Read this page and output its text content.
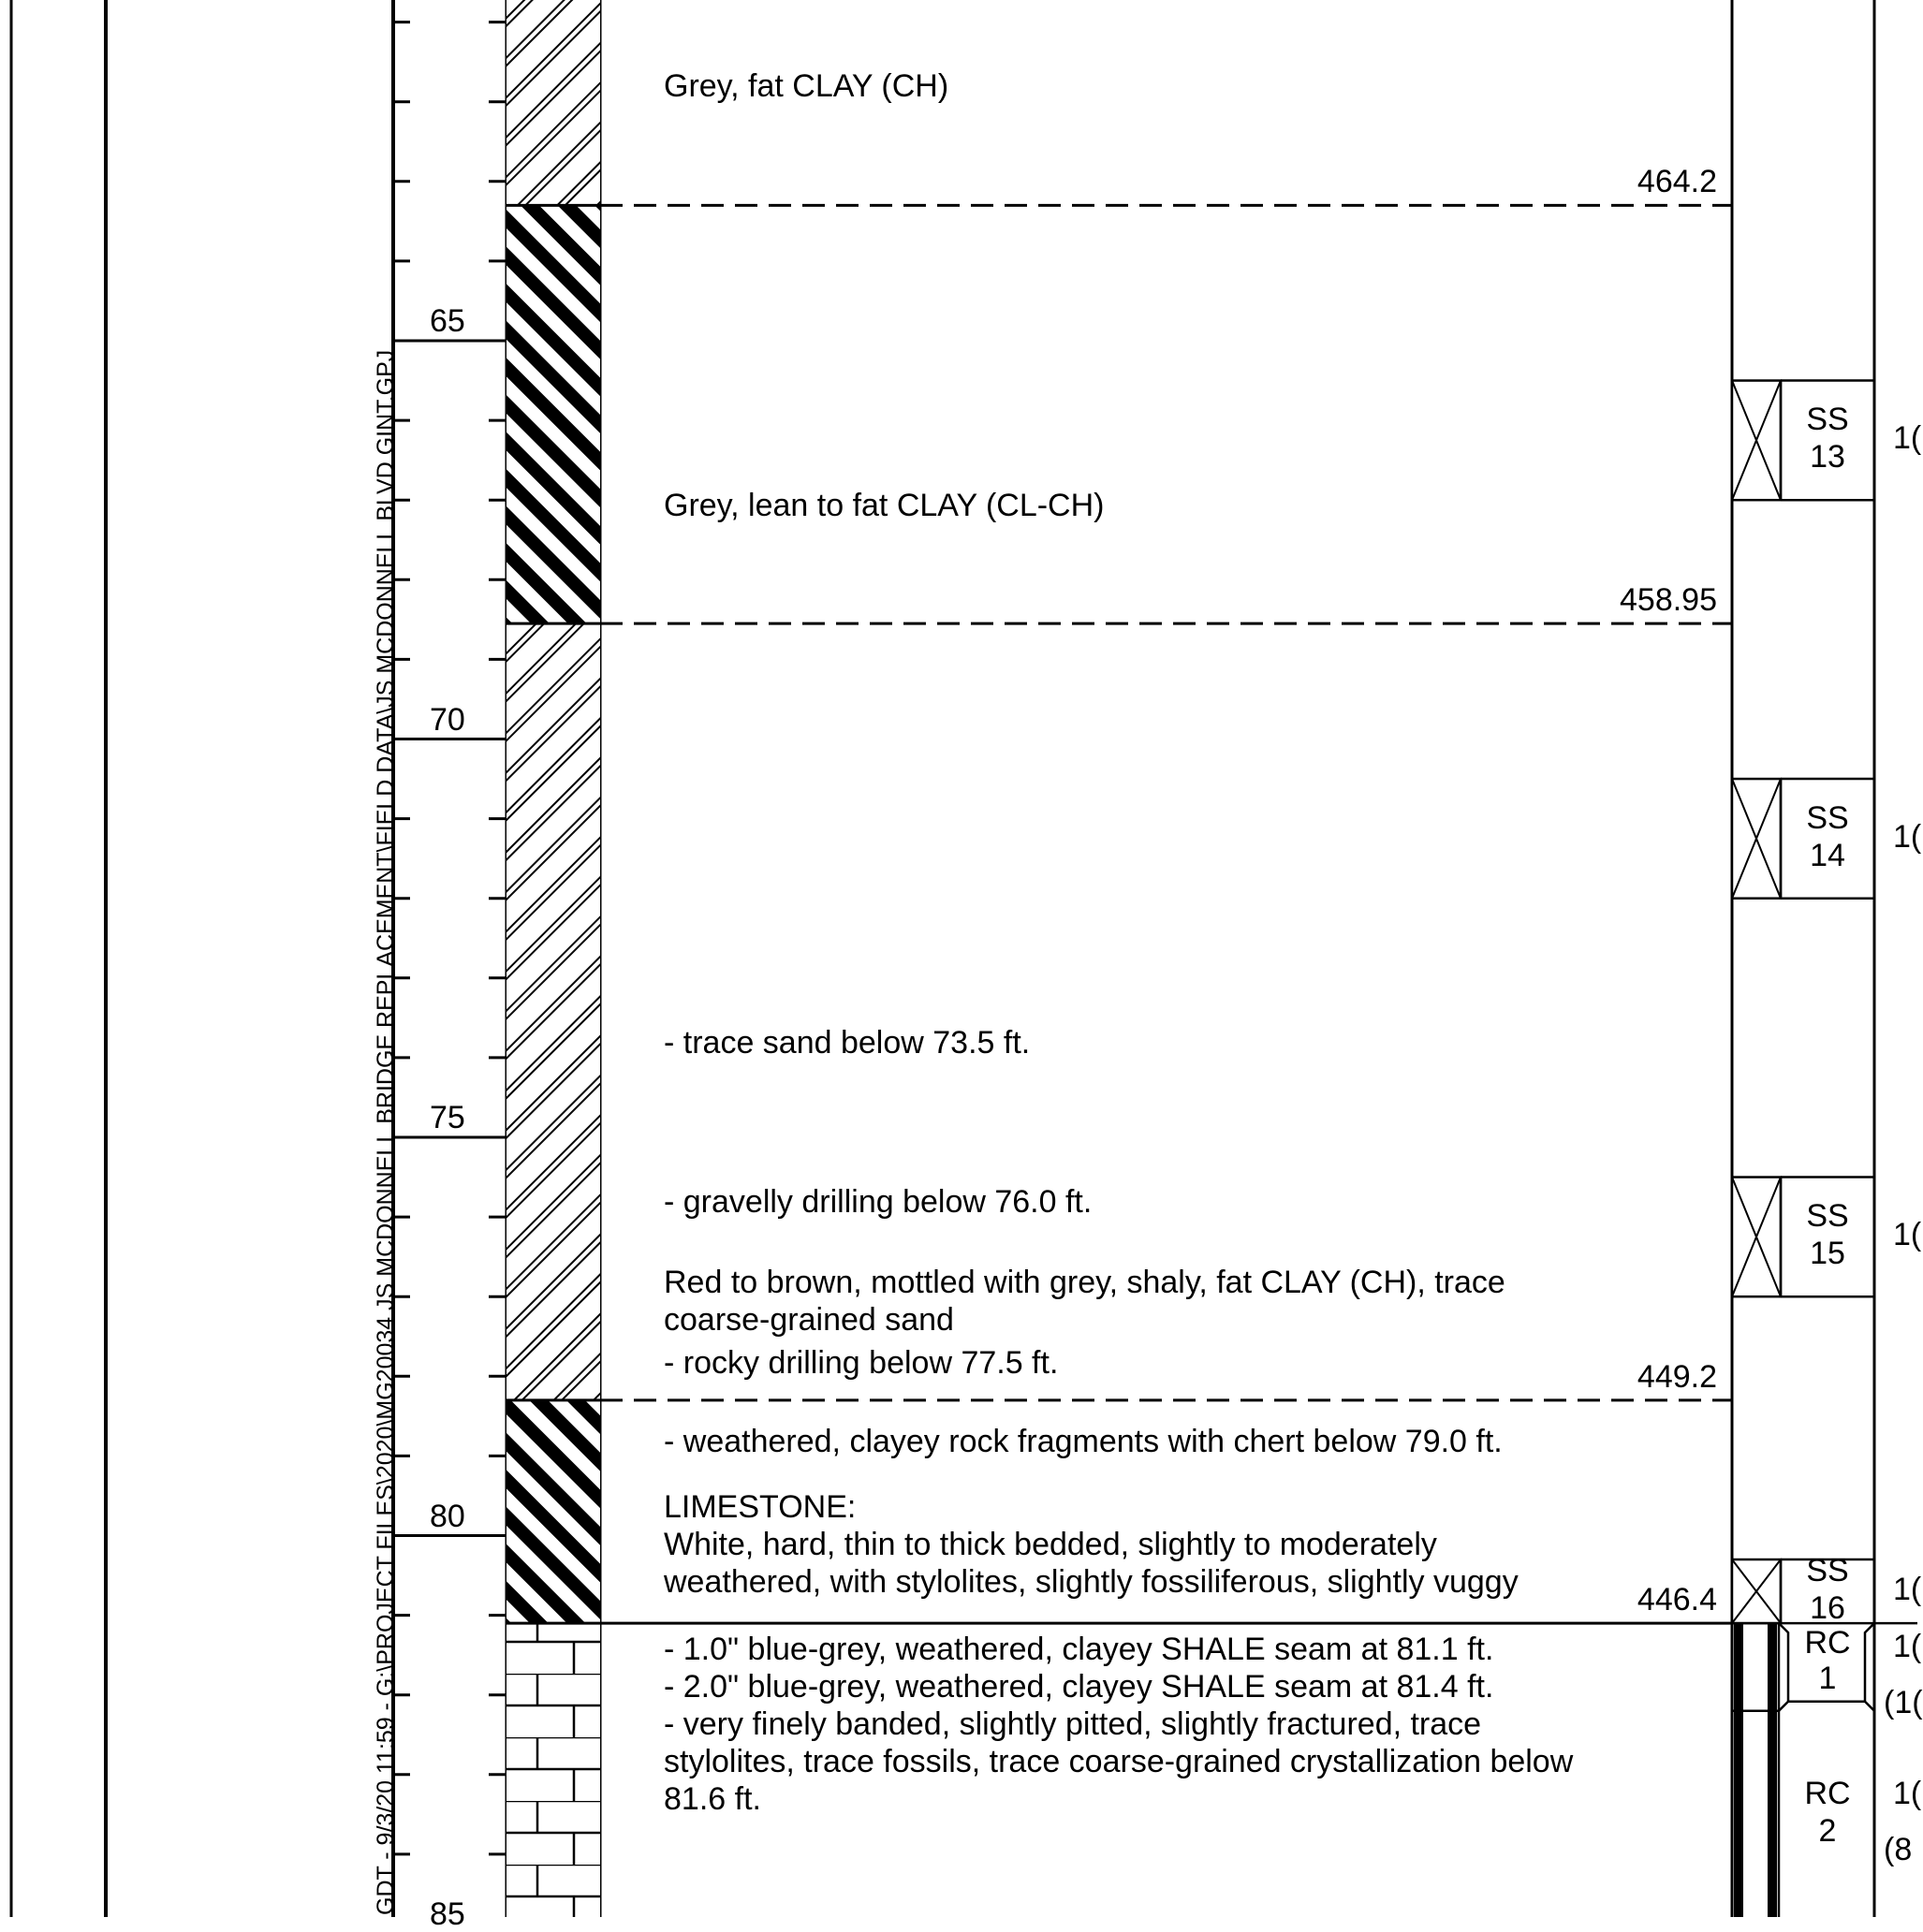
GDT - 9/3/20 11:59 - G:\PROJECT FILES\2020\MG20034 JS MCDONNELL BRIDGE REPLACEMENT\FIELD DATA\JS MCDONNELL BLVD GINT.GPJ
65
70
75
80
85
464.2
458.95
449.2
446.4
Grey, fat CLAY (CH)
Grey, lean to fat CLAY (CL-CH)
- trace sand below 73.5 ft.
- gravelly drilling below 76.0 ft.
Red to brown, mottled with grey, shaly, fat CLAY (CH), trace
coarse-grained sand
- rocky drilling below 77.5 ft.
- weathered, clayey rock fragments with chert below 79.0 ft.
LIMESTONE:
White, hard, thin to thick bedded, slightly to moderately
weathered, with stylolites, slightly fossiliferous, slightly vuggy
- 1.0" blue-grey, weathered, clayey SHALE seam at 81.1 ft.
- 2.0" blue-grey, weathered, clayey SHALE seam at 81.4 ft.
- very finely banded, slightly pitted, slightly fractured, trace
stylolites, trace fossils, trace coarse-grained crystallization below
81.6 ft.
SS
13
1(
SS
14
1(
SS
15
1(
SS
16
1(
RC
1
1(
(1(
RC
2
1(
(8
